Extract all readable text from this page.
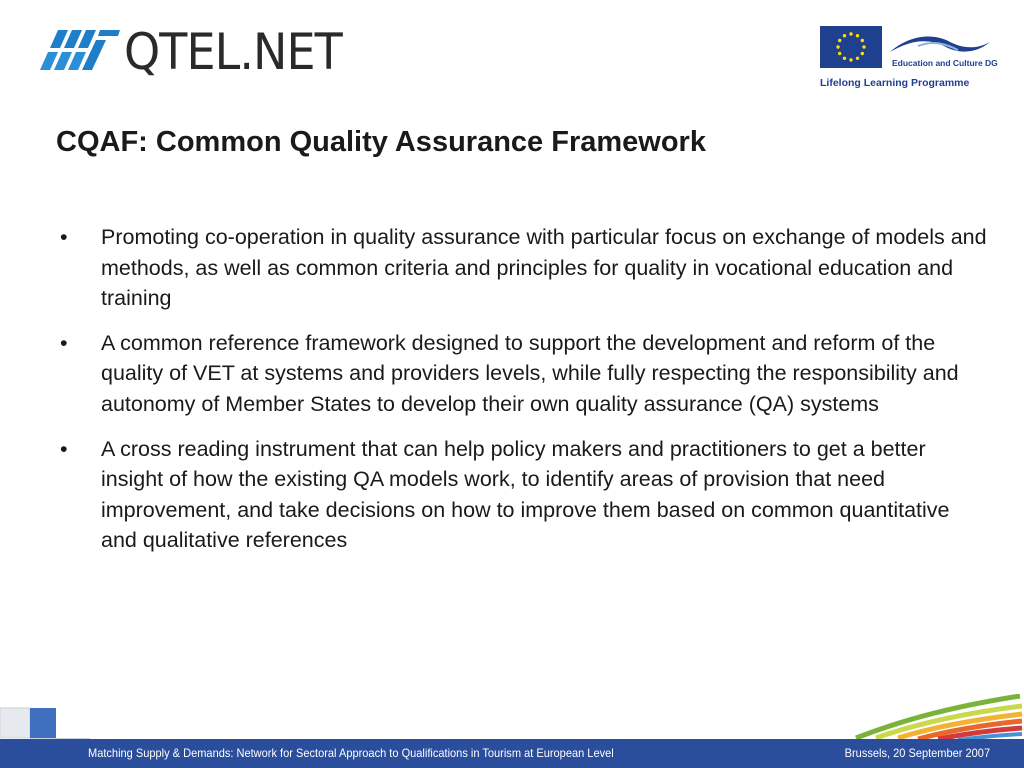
QTEL.NET	Education and Culture DG
Lifelong Learning Programme
CQAF: Common Quality Assurance Framework
• Promoting co-operation in quality assurance with particular focus on exchange of models and methods, as well as common criteria and principles for quality in vocational education and training
• A common reference framework designed to support the development and reform of the quality of VET at systems and providers levels, while fully respecting the responsibility and autonomy of Member States to develop their own quality assurance (QA) systems
• A cross reading instrument that can help policy makers and practitioners to get a better insight of how the existing QA models work, to identify areas of provision that need improvement, and take decisions on how to improve them based on common quantitative and qualitative references
Matching Supply & Demands: Network for Sectoral Approach to Qualifications in Tourism at European Level	Brussels, 20 September 2007
